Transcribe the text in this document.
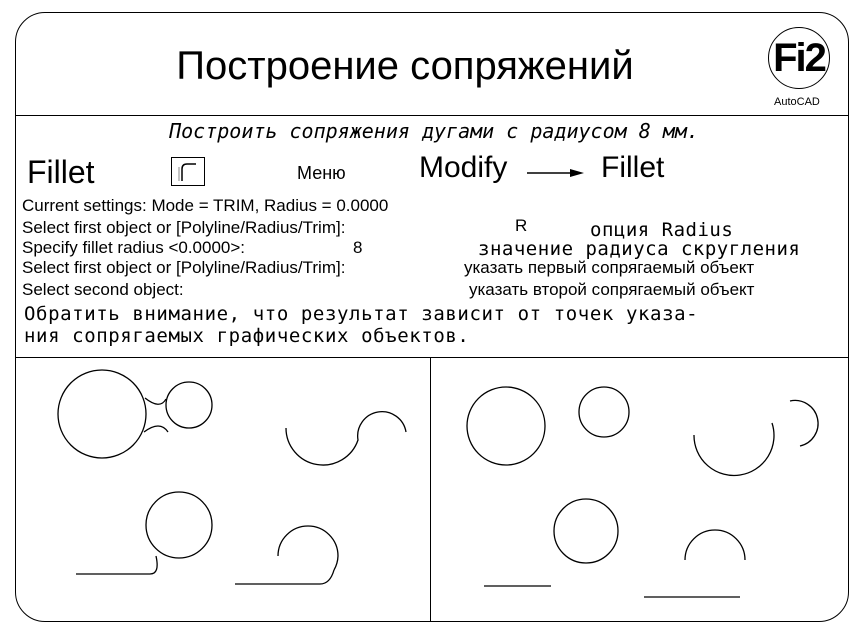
Построение сопряжений	Fi2
AutoCAD
Построить сопряжения дугами с радиусом 8 мм.
Fillet	Меню Modify	Fillet
Current settings: Mode = TRIM, Radius = 0.0000
Select first object or [Polyline/Radius/Trim]:	R	опция Radius
Specify fillet radius <0.0000>:	8	значение радиуса скругления
Select first object or [Polyline/Radius/Trim]:	указать первый сопрягаемый объект
Select second object:	указать второй сопрягаемый объект
Обратить внимание, что результат зависит от точек указа-
ния сопрягаемых графических объектов.
